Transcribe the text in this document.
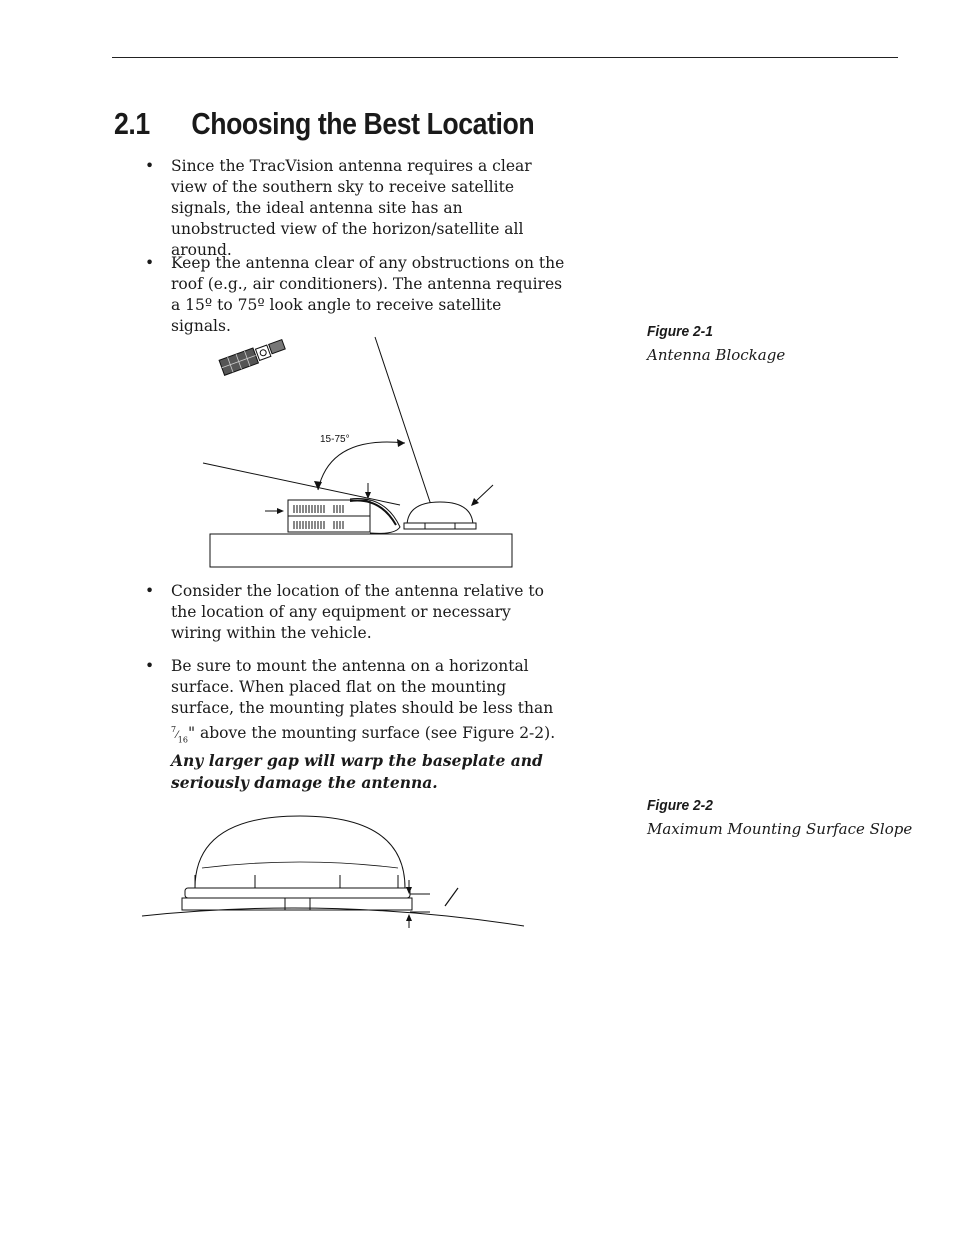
2.1 Choosing the Best Location
• Since the TracVision antenna requires a clear view of the southern sky to receive satellite signals, the ideal antenna site has an unobstructed view of the horizon/satellite all around.
• Keep the antenna clear of any obstructions on the roof (e.g., air conditioners). The antenna requires a 15º to 75º look angle to receive satellite signals.	Figure 2-1
Antenna Blockage
15-75°
• Consider the location of the antenna relative to the location of any equipment or necessary wiring within the vehicle.
• Be sure to mount the antenna on a horizontal surface. When placed flat on the mounting surface, the mounting plates should be less than $^7⁄_{16}$" above the mounting surface (see Figure 2-2). Any larger gap will warp the baseplate and seriously damage the antenna.
Figure 2-2
Maximum Mounting Surface Slope
